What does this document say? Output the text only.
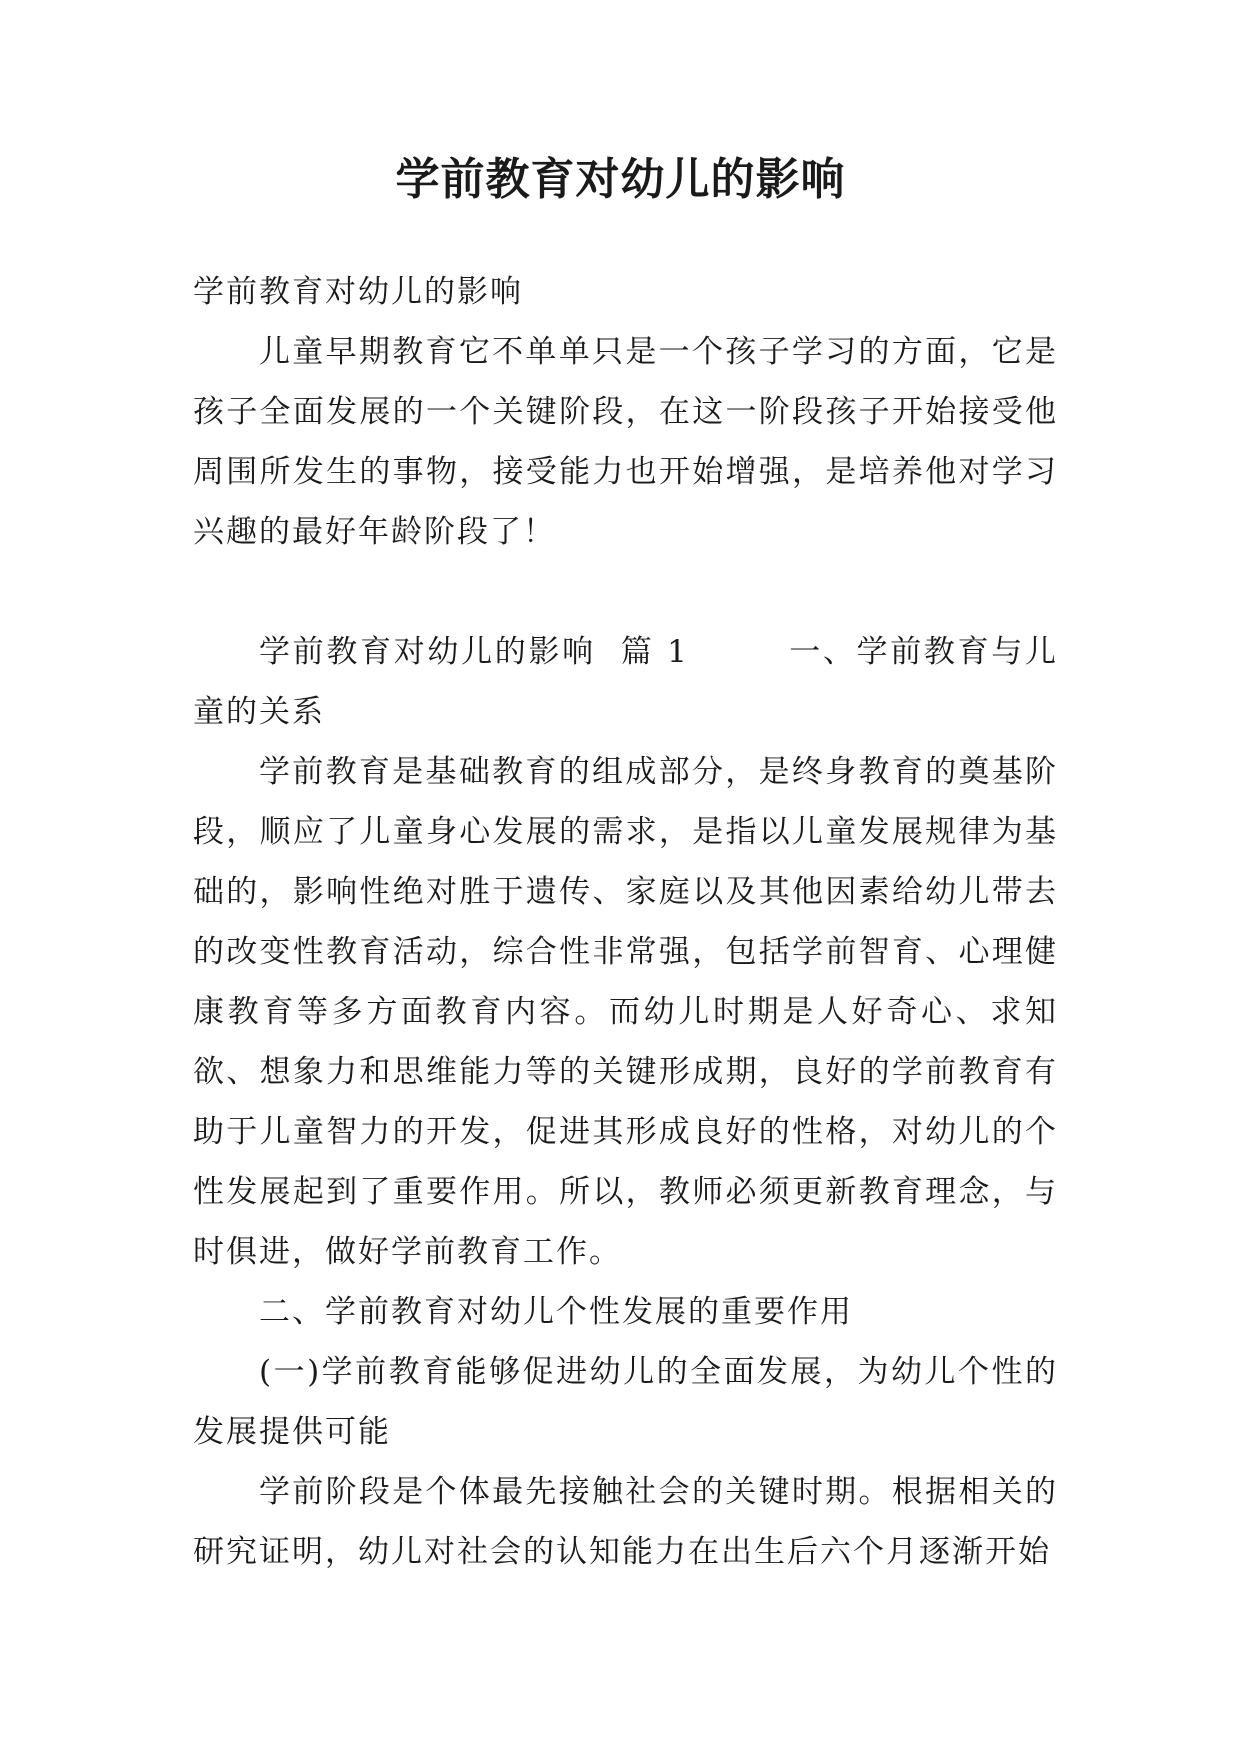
学前教育对幼儿的影响

学前教育对幼儿的影响

儿童早期教育它不单单只是一个孩子学习的方面，它是孩子全面发展的一个关键阶段，在这一阶段孩子开始接受他周围所发生的事物，接受能力也开始增强，是培养他对学习兴趣的最好年龄阶段了！

学前教育对幼儿的影响  篇 1        一、学前教育与儿童的关系

学前教育是基础教育的组成部分，是终身教育的奠基阶段，顺应了儿童身心发展的需求，是指以儿童发展规律为基础的，影响性绝对胜于遗传、家庭以及其他因素给幼儿带去的改变性教育活动，综合性非常强，包括学前智育、心理健康教育等多方面教育内容。而幼儿时期是人好奇心、求知欲、想象力和思维能力等的关键形成期，良好的学前教育有助于儿童智力的开发，促进其形成良好的性格，对幼儿的个性发展起到了重要作用。所以，教师必须更新教育理念，与时俱进，做好学前教育工作。

二、学前教育对幼儿个性发展的重要作用

(一)学前教育能够促进幼儿的全面发展，为幼儿个性的发展提供可能

学前阶段是个体最先接触社会的关键时期。根据相关的研究证明，幼儿对社会的认知能力在出生后六个月逐渐开始
